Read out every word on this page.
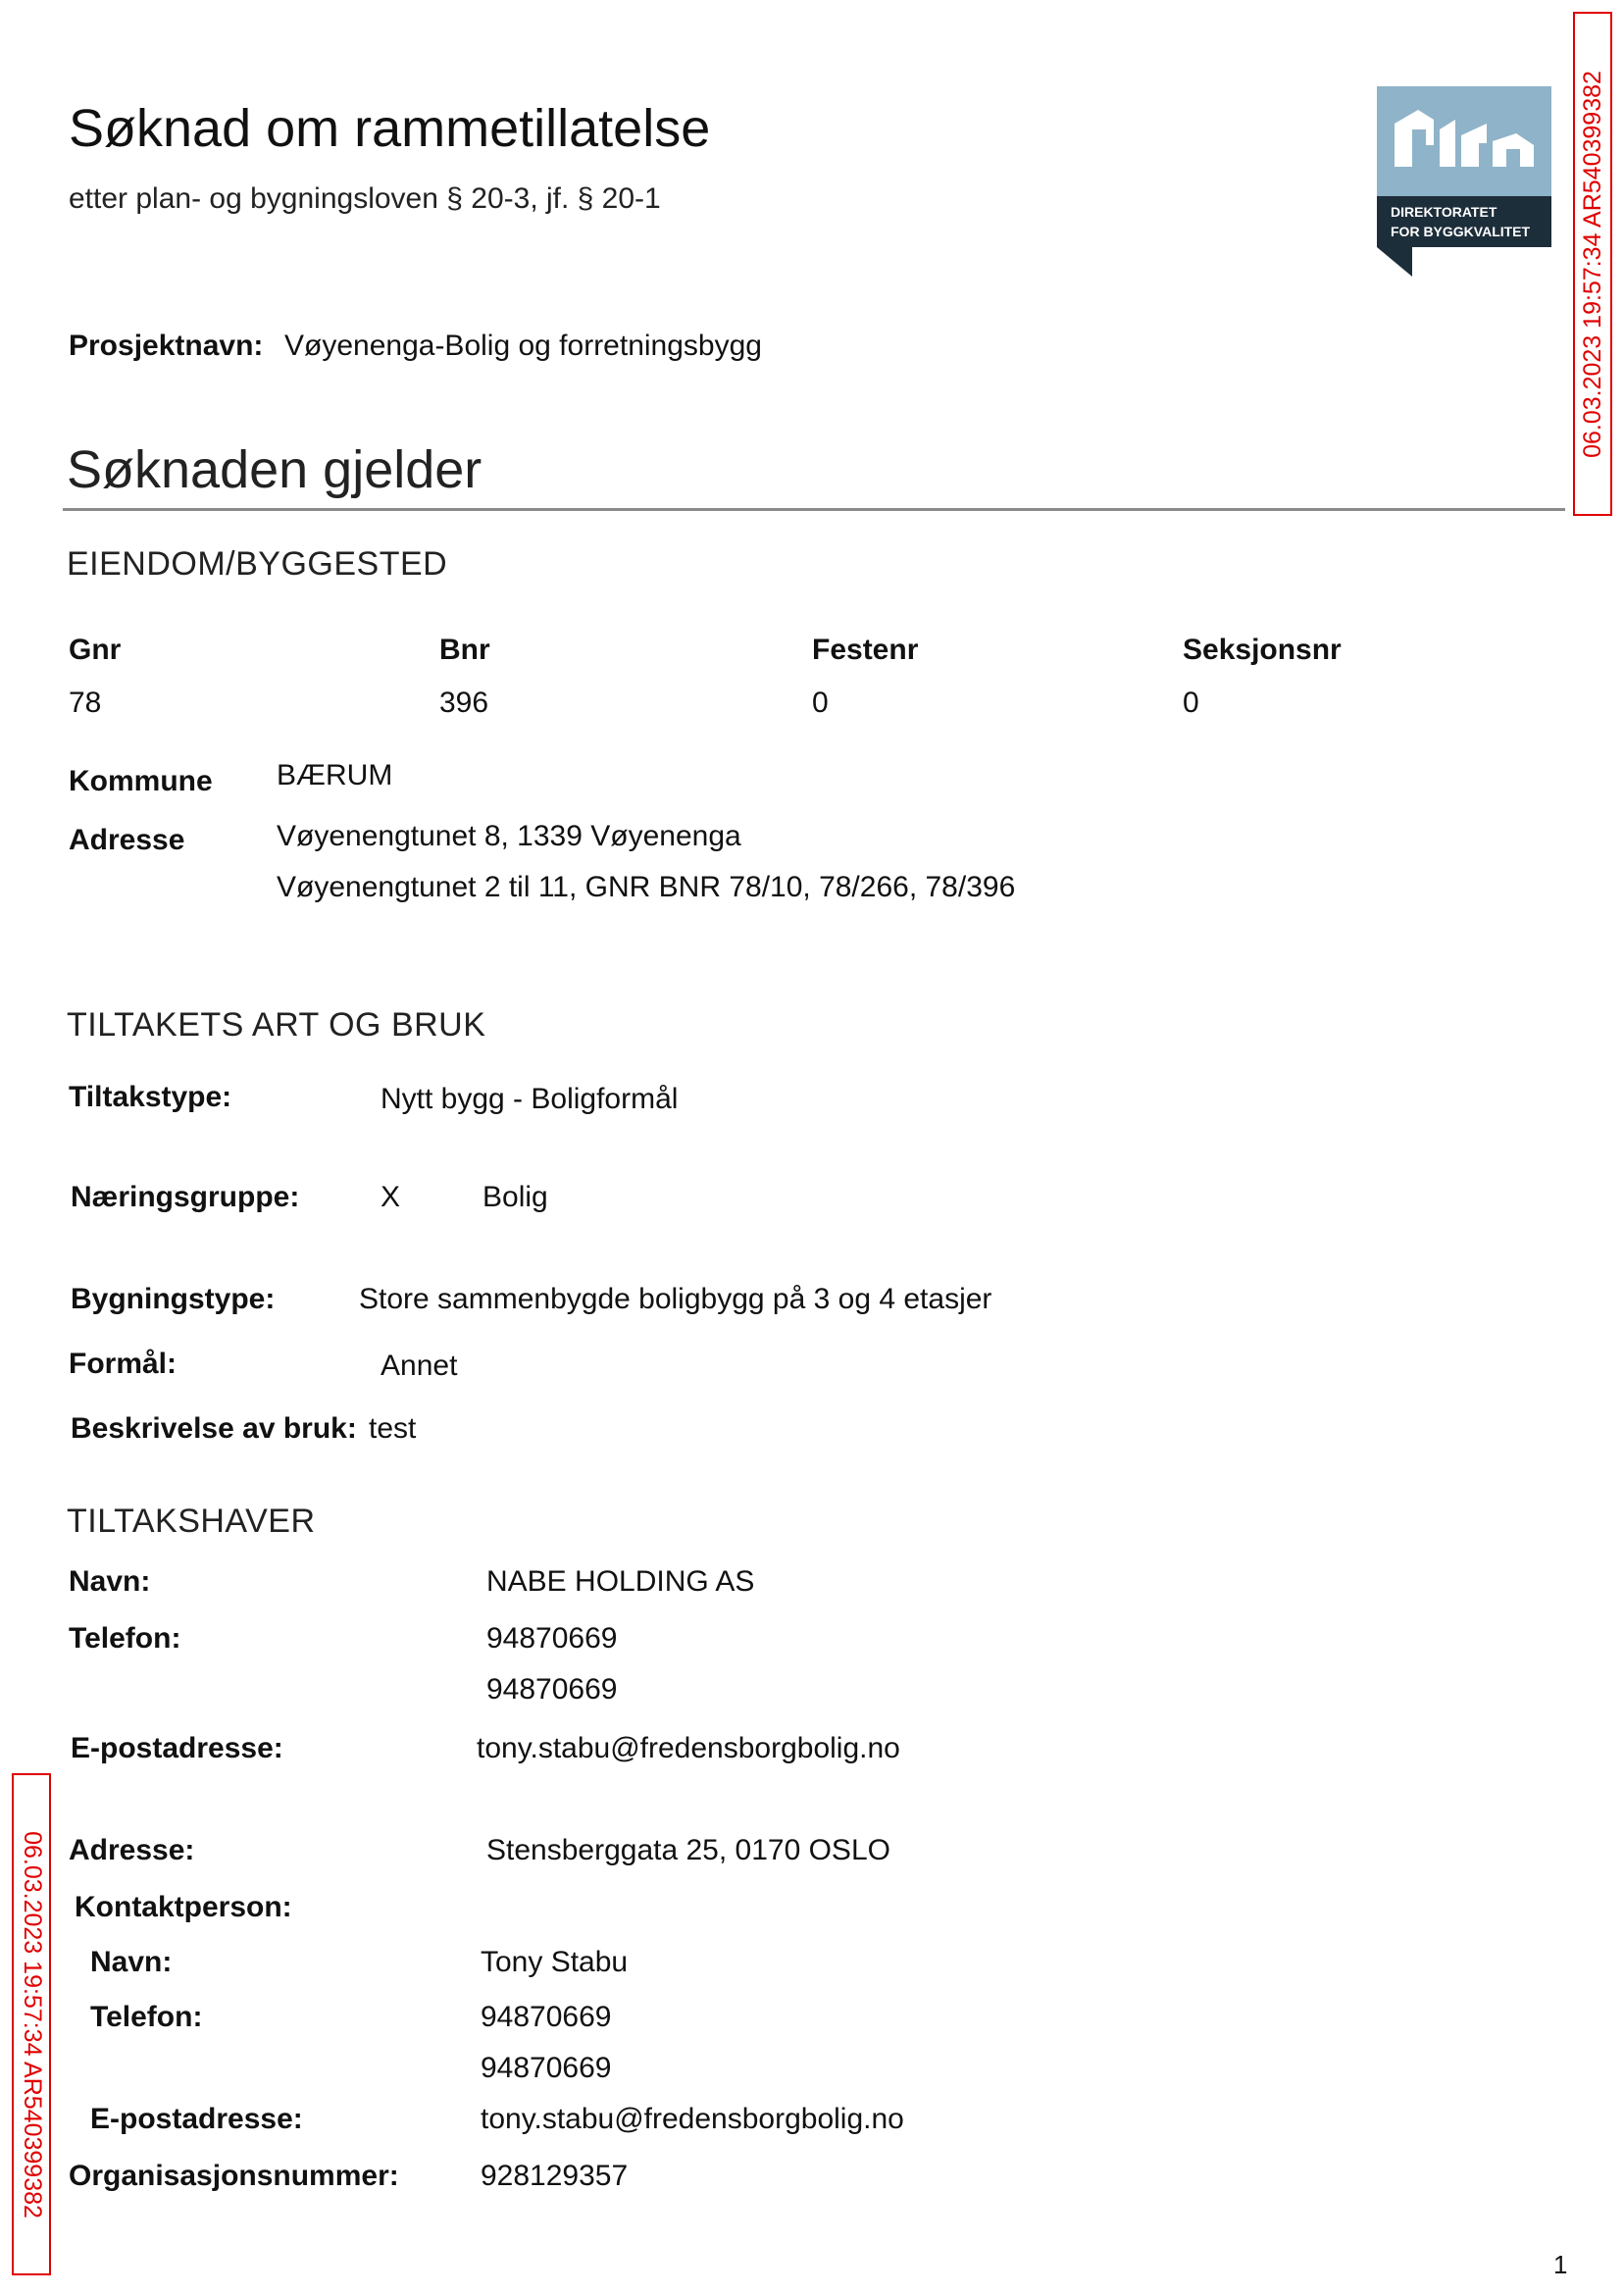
Søknad om rammetillatelse
etter plan- og bygningsloven § 20-3, jf. § 20-1	DIREKTORATET
FOR BYGGKVALITET 06.03.2023 19:57:34 AR540399382
Prosjektnavn: Vøyenenga-Bolig og forretningsbygg
Søknaden gjelder
EIENDOM/BYGGESTED
Gnr	Bnr	Festenr	Seksjonsnr
78	396	0	0
Kommune BÆRUM
Adresse	Vøyenengtunet 8, 1339 Vøyenenga
Vøyenengtunet 2 til 11, GNR BNR 78/10, 78/266, 78/396
TILTAKETS ART OG BRUK
Tiltakstype:	Nytt bygg - Boligformål
Næringsgruppe:	X	Bolig
Bygningstype:	Store sammenbygde boligbygg på 3 og 4 etasjer
Formål:	Annet
Beskrivelse av bruk: test
TILTAKSHAVER
Navn:	NABE HOLDING AS
Telefon:	94870669
94870669
E-postadresse:	tony.stabu@fredensborgbolig.no
06.03.2023 19:57:34 AR540399382 Adresse:	Stensberggata 25, 0170 OSLO
Kontaktperson:
Navn:	Tony Stabu
Telefon:	94870669
94870669
E-postadresse:	tony.stabu@fredensborgbolig.no
Organisasjonsnummer:	928129357
1
